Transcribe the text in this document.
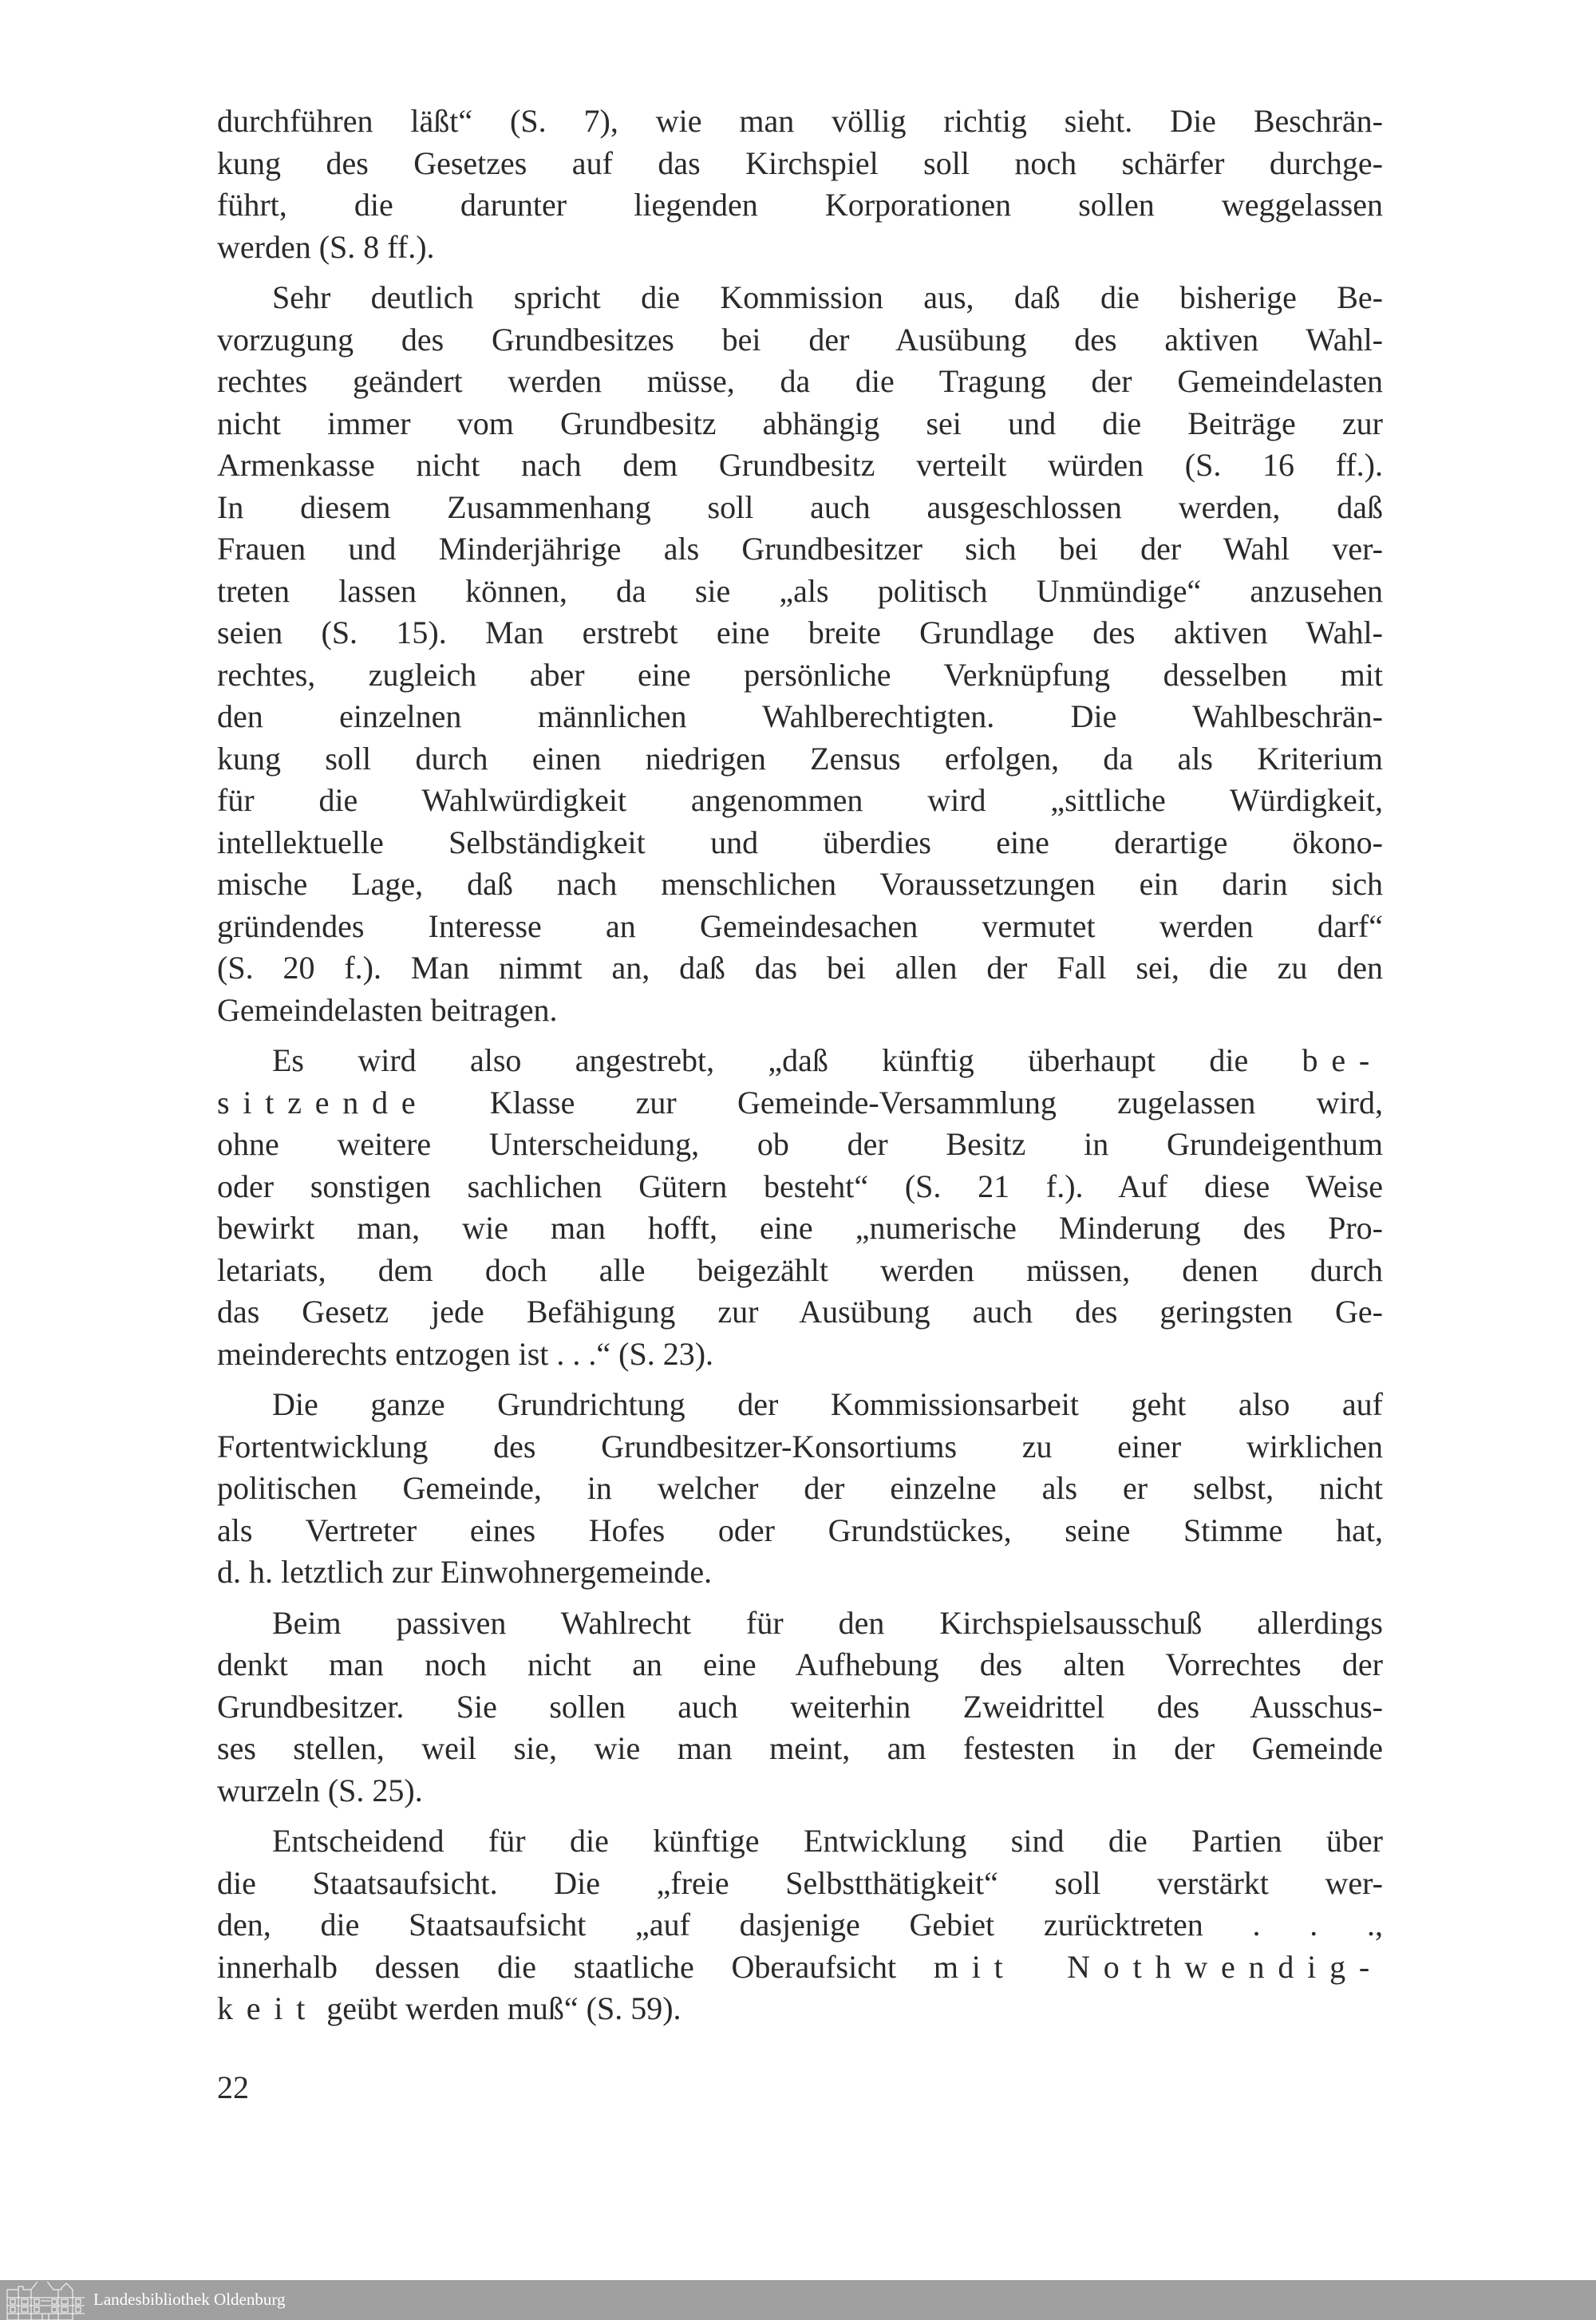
durchführen läßt“ (S. 7), wie man völlig richtig sieht. Die Beschrän-
kung des Gesetzes auf das Kirchspiel soll noch schärfer durchge-
führt, die darunter liegenden Korporationen sollen weggelassen
werden (S. 8 ff.).
Sehr deutlich spricht die Kommission aus, daß die bisherige Be-
vorzugung des Grundbesitzes bei der Ausübung des aktiven Wahl-
rechtes geändert werden müsse, da die Tragung der Gemeindelasten
nicht immer vom Grundbesitz abhängig sei und die Beiträge zur
Armenkasse nicht nach dem Grundbesitz verteilt würden (S. 16 ff.).
In diesem Zusammenhang soll auch ausgeschlossen werden, daß
Frauen und Minderjährige als Grundbesitzer sich bei der Wahl ver-
treten lassen können, da sie „als politisch Unmündige“ anzusehen
seien (S. 15). Man erstrebt eine breite Grundlage des aktiven Wahl-
rechtes, zugleich aber eine persönliche Verknüpfung desselben mit
den einzelnen männlichen Wahlberechtigten. Die Wahlbeschrän-
kung soll durch einen niedrigen Zensus erfolgen, da als Kriterium
für die Wahlwürdigkeit angenommen wird „sittliche Würdigkeit,
intellektuelle Selbständigkeit und überdies eine derartige ökono-
mische Lage, daß nach menschlichen Voraussetzungen ein darin sich
gründendes Interesse an Gemeindesachen vermutet werden darf“
(S. 20 f.). Man nimmt an, daß das bei allen der Fall sei, die zu den
Gemeindelasten beitragen.
Es wird also angestrebt, „daß künftig überhaupt die be-
sitzende Klasse zur Gemeinde-Versammlung zugelassen wird,
ohne weitere Unterscheidung, ob der Besitz in Grundeigenthum
oder sonstigen sachlichen Gütern besteht“ (S. 21 f.). Auf diese Weise
bewirkt man, wie man hofft, eine „numerische Minderung des Pro-
letariats, dem doch alle beigezählt werden müssen, denen durch
das Gesetz jede Befähigung zur Ausübung auch des geringsten Ge-
meinderechts entzogen ist . . .“ (S. 23).
Die ganze Grundrichtung der Kommissionsarbeit geht also auf
Fortentwicklung des Grundbesitzer-Konsortiums zu einer wirklichen
politischen Gemeinde, in welcher der einzelne als er selbst, nicht
als Vertreter eines Hofes oder Grundstückes, seine Stimme hat,
d. h. letztlich zur Einwohnergemeinde.
Beim passiven Wahlrecht für den Kirchspielsausschuß allerdings
denkt man noch nicht an eine Aufhebung des alten Vorrechtes der
Grundbesitzer. Sie sollen auch weiterhin Zweidrittel des Ausschus-
ses stellen, weil sie, wie man meint, am festesten in der Gemeinde
wurzeln (S. 25).
Entscheidend für die künftige Entwicklung sind die Partien über
die Staatsaufsicht. Die „freie Selbstthätigkeit“ soll verstärkt wer-
den, die Staatsaufsicht „auf dasjenige Gebiet zurücktreten . . .,
innerhalb dessen die staatliche Oberaufsicht mit Nothwendig-
keit geübt werden muß“ (S. 59).
22
Landesbibliothek Oldenburg
